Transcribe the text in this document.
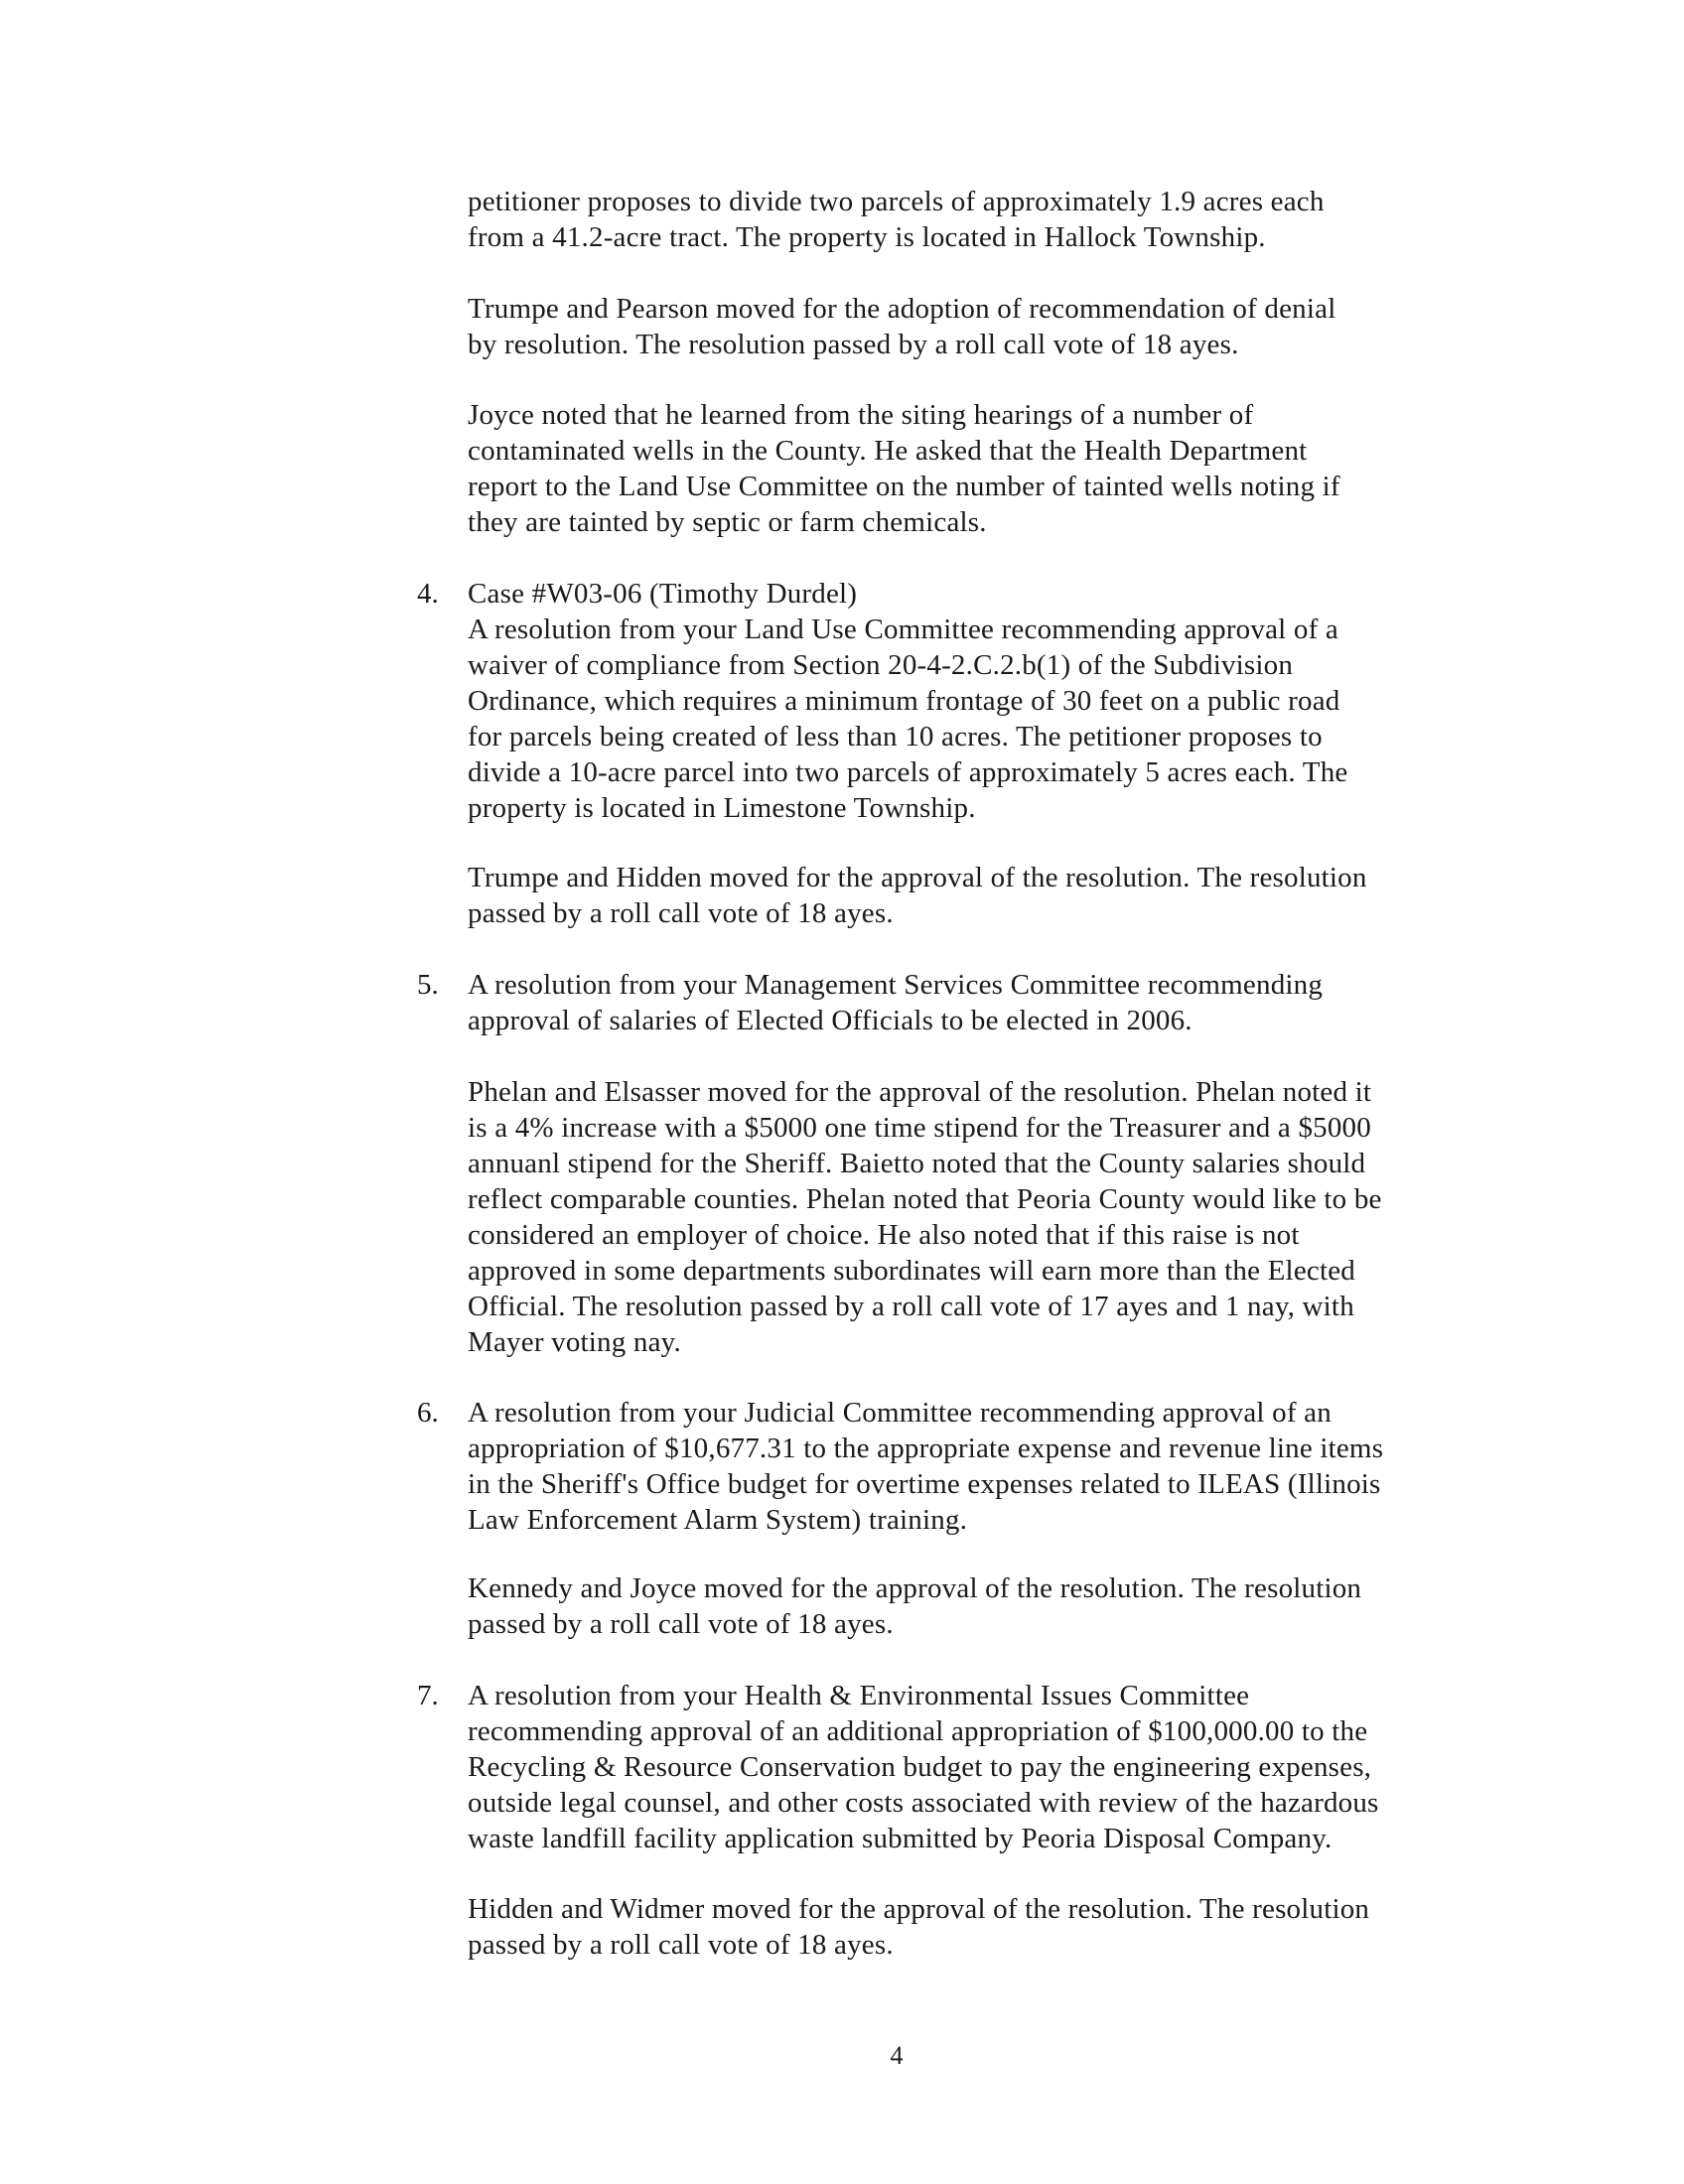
petitioner proposes to divide two parcels of approximately 1.9 acres each
from a 41.2-acre tract. The property is located in Hallock Township.

Trumpe and Pearson moved for the adoption of recommendation of denial
by resolution. The resolution passed by a roll call vote of 18 ayes.

Joyce noted that he learned from the siting hearings of a number of
contaminated wells in the County. He asked that the Health Department
report to the Land Use Committee on the number of tainted wells noting if
they are tainted by septic or farm chemicals.

4. Case #W03-06 (Timothy Durdel)
A resolution from your Land Use Committee recommending approval of a
waiver of compliance from Section 20-4-2.C.2.b(1) of the Subdivision
Ordinance, which requires a minimum frontage of 30 feet on a public road
for parcels being created of less than 10 acres. The petitioner proposes to
divide a 10-acre parcel into two parcels of approximately 5 acres each. The
property is located in Limestone Township.

Trumpe and Hidden moved for the approval of the resolution. The resolution
passed by a roll call vote of 18 ayes.

5. A resolution from your Management Services Committee recommending
approval of salaries of Elected Officials to be elected in 2006.

Phelan and Elsasser moved for the approval of the resolution. Phelan noted it
is a 4% increase with a $5000 one time stipend for the Treasurer and a $5000
annuanl stipend for the Sheriff. Baietto noted that the County salaries should
reflect comparable counties. Phelan noted that Peoria County would like to be
considered an employer of choice. He also noted that if this raise is not
approved in some departments subordinates will earn more than the Elected
Official. The resolution passed by a roll call vote of 17 ayes and 1 nay, with
Mayer voting nay.

6. A resolution from your Judicial Committee recommending approval of an
appropriation of $10,677.31 to the appropriate expense and revenue line items
in the Sheriff's Office budget for overtime expenses related to ILEAS (Illinois
Law Enforcement Alarm System) training.

Kennedy and Joyce moved for the approval of the resolution. The resolution
passed by a roll call vote of 18 ayes.

7. A resolution from your Health & Environmental Issues Committee
recommending approval of an additional appropriation of $100,000.00 to the
Recycling & Resource Conservation budget to pay the engineering expenses,
outside legal counsel, and other costs associated with review of the hazardous
waste landfill facility application submitted by Peoria Disposal Company.

Hidden and Widmer moved for the approval of the resolution. The resolution
passed by a roll call vote of 18 ayes.

4
